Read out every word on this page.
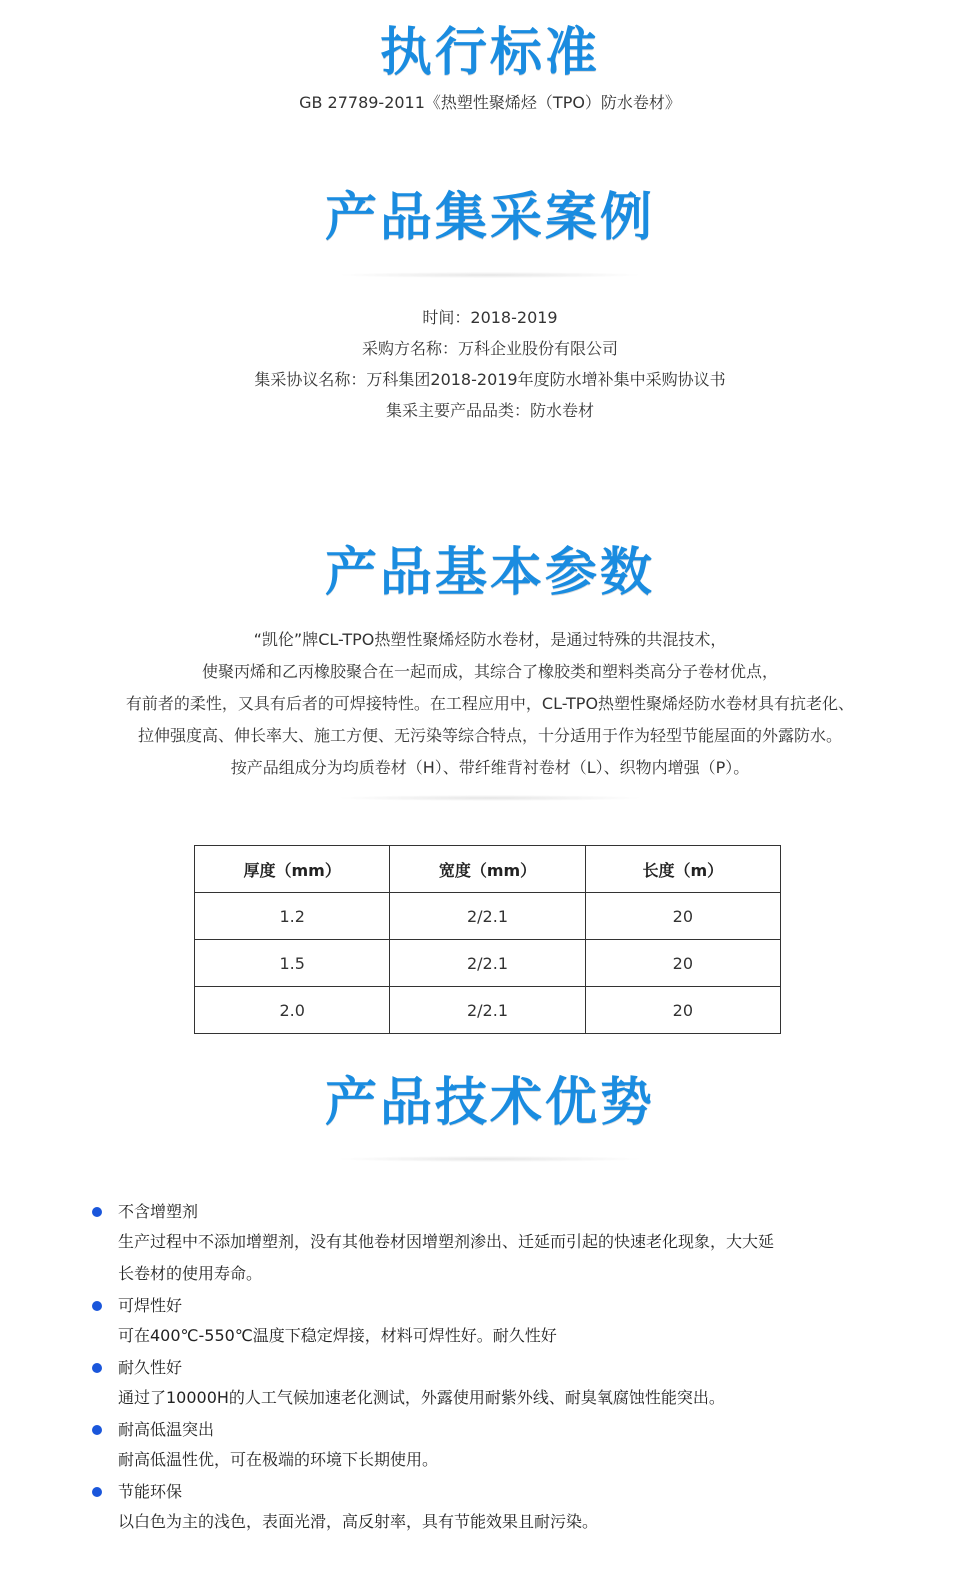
执行标准
GB 27789-2011《热塑性聚烯烃（TPO）防水卷材》
产品集采案例
时间：2018-2019
采购方名称：万科企业股份有限公司
集采协议名称：万科集团2018-2019年度防水增补集中采购协议书
集采主要产品品类：防水卷材
产品基本参数
“凯伦”牌CL-TPO热塑性聚烯烃防水卷材，是通过特殊的共混技术，
使聚丙烯和乙丙橡胶聚合在一起而成，其综合了橡胶类和塑料类高分子卷材优点，
有前者的柔性，又具有后者的可焊接特性。在工程应用中，CL-TPO热塑性聚烯烃防水卷材具有抗老化、
拉伸强度高、伸长率大、施工方便、无污染等综合特点，十分适用于作为轻型节能屋面的外露防水。
按产品组成分为均质卷材（H）、带纤维背衬卷材（L）、织物内增强（P）。
厚度（mm）	宽度（mm）	长度（m）
1.2	2/2.1	20
1.5	2/2.1	20
2.0	2/2.1	20
产品技术优势
不含增塑剂
生产过程中不添加增塑剂，没有其他卷材因增塑剂渗出、迁延而引起的快速老化现象，大大延
长卷材的使用寿命。
可焊性好
可在400℃-550℃温度下稳定焊接，材料可焊性好。耐久性好
耐久性好
通过了10000H的人工气候加速老化测试，外露使用耐紫外线、耐臭氧腐蚀性能突出。
耐高低温突出
耐高低温性优，可在极端的环境下长期使用。
节能环保
以白色为主的浅色，表面光滑，高反射率，具有节能效果且耐污染。
